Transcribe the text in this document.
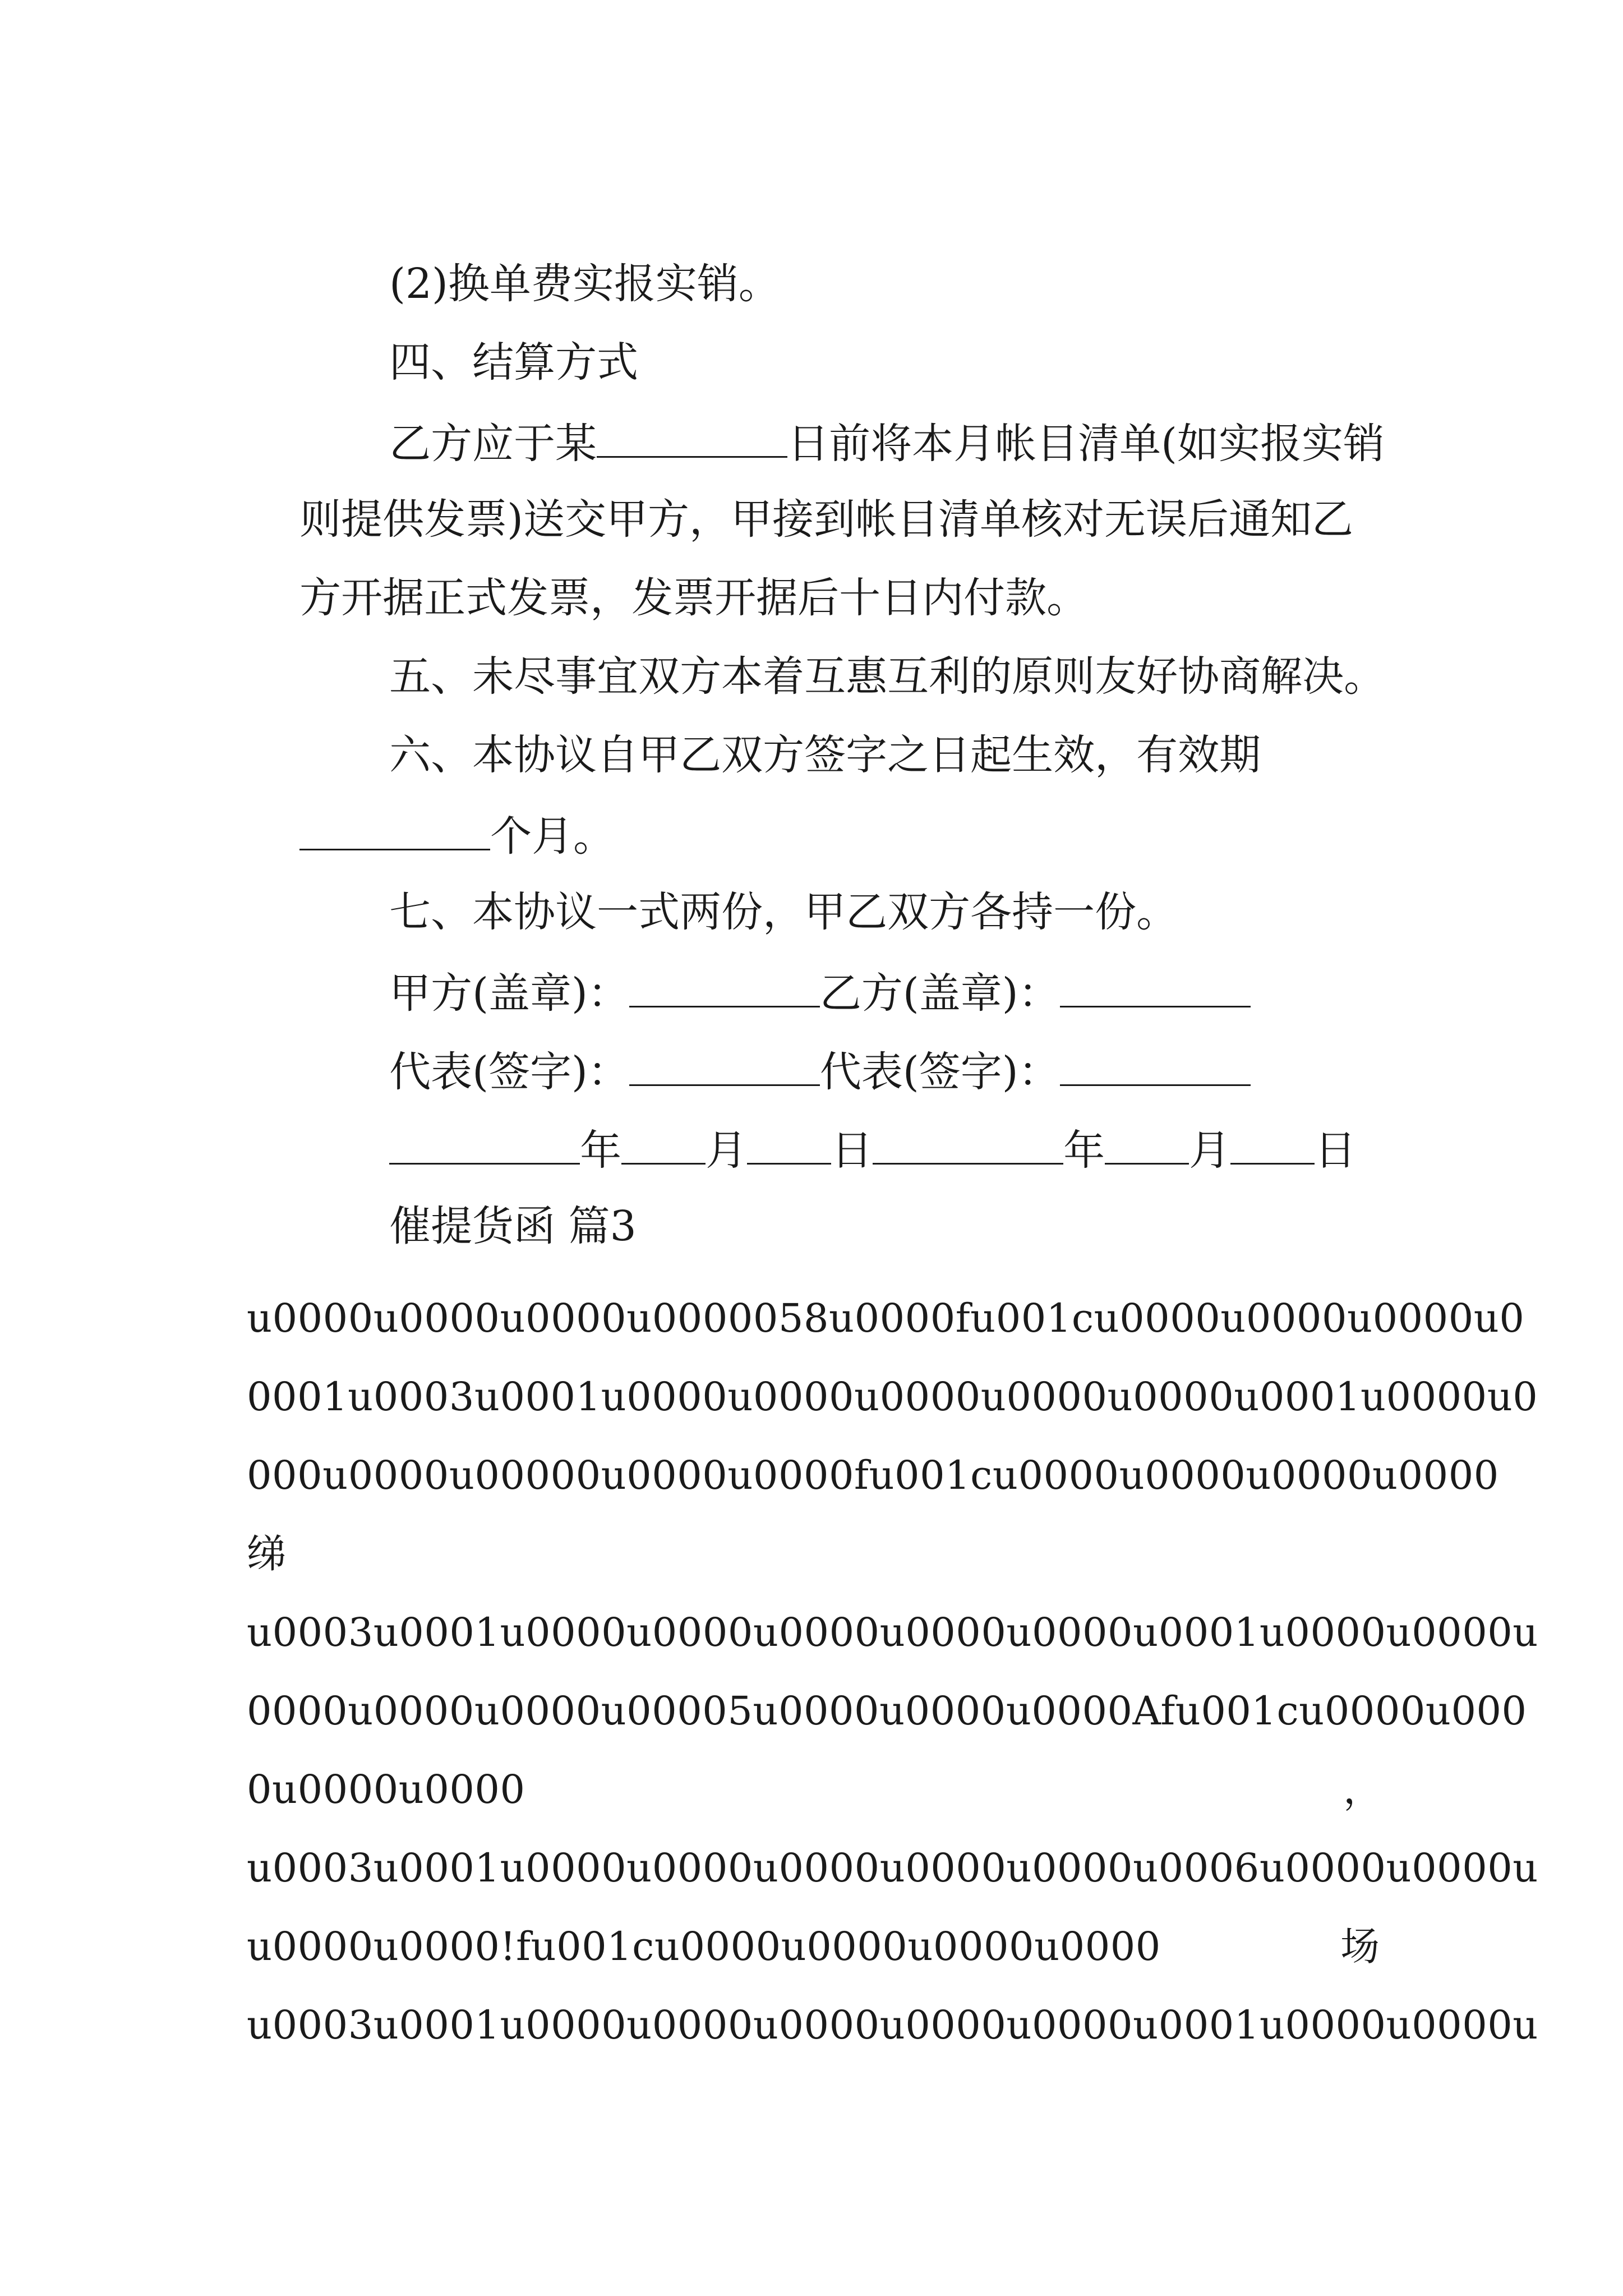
(2)换单费实报实销。

四、结算方式

乙方应于某	日前将本月帐目清单(如实报实销

则提供发票)送交甲方，甲接到帐目清单核对无误后通知乙

方开据正式发票，发票开据后十日内付款。

五、未尽事宜双方本着互惠互利的原则友好协商解决。

六、本协议自甲乙双方签字之日起生效，有效期

个月。

七、本协议一式两份，甲乙双方各持一份。

甲方(盖章)：	乙方(盖章)：

代表(签字)：	代表(签字)：

年 月 日	年 月 日

催提货函 篇3

u0000u0000u0000u0000058u0000fu001cu0000u0000u0000u0
0001u0003u0001u0000u0000u0000u0000u0000u0001u0000u0
000u0000u00000u0000u0000fu001cu0000u0000u0000u0000
绨
u0003u0001u0000u0000u0000u0000u0000u0001u0000u0000u
0000u0000u0000u00005u0000u0000u0000Afu001cu0000u000
0u0000u0000	，
u0003u0001u0000u0000u0000u0000u0000u0006u0000u0000u
u0000u0000!fu001cu0000u0000u0000u0000	场
u0003u0001u0000u0000u0000u0000u0000u0001u0000u0000u
